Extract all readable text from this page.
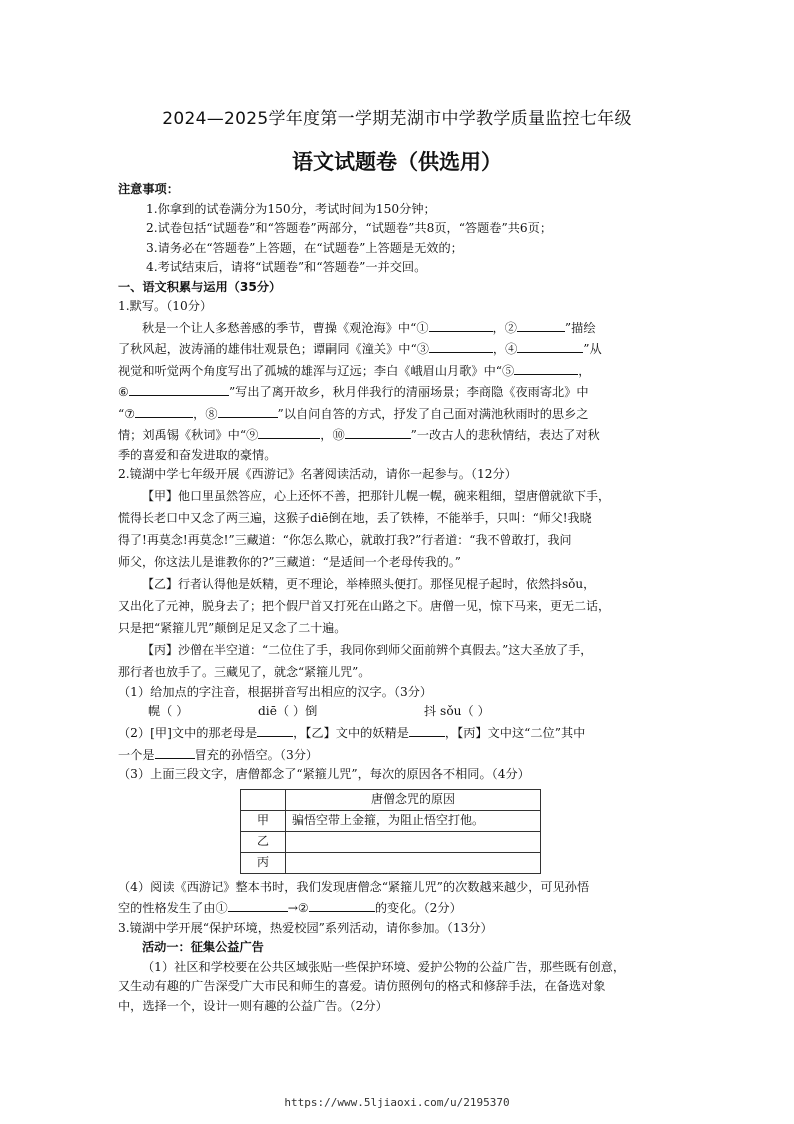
2024—2025学年度第一学期芜湖市中学教学质量监控七年级
语文试题卷（供选用）
注意事项：
1.你拿到的试卷满分为150分，考试时间为150分钟；
2.试卷包括“试题卷”和“答题卷”两部分，“试题卷”共8页，“答题卷”共6页；
3.请务必在“答题卷”上答题，在“试题卷”上答题是无效的；
4.考试结束后，请将“试题卷”和“答题卷”一并交回。
一、语文积累与运用（35分）
1.默写。（10分）
秋是一个让人多愁善感的季节，曹操《观沧海》中“①	，②	”描绘
了秋风起，波涛涌的雄伟壮观景色；谭嗣同《潼关》中“③	，④	”从
视觉和听觉两个角度写出了孤城的雄浑与辽远；李白《峨眉山月歌》中“⑤	，
⑥	”写出了离开故乡，秋月伴我行的清丽场景；李商隐《夜雨寄北》中
“⑦	，⑧	”以自问自答的方式，抒发了自己面对满池秋雨时的思乡之
情；刘禹锡《秋词》中“⑨	，⑩	”一改古人的悲秋情结，表达了对秋
季的喜爱和奋发进取的豪情。
2.镜湖中学七年级开展《西游记》名著阅读活动，请你一起参与。（12分）
【甲】他口里虽然答应，心上还怀不善，把那针儿幌一幌，碗来粗细，望唐僧就欲下手，
慌得长老口中又念了两三遍，这猴子diē倒在地，丢了铁棒，不能举手，只叫：“师父!我晓
得了!再莫念!再莫念!”三藏道：“你怎么欺心，就敢打我?”行者道：“我不曾敢打，我问
师父，你这法儿是谁教你的?”三藏道：“是适间一个老母传我的。”
【乙】行者认得他是妖精，更不理论，举棒照头便打。那怪见棍子起时，依然抖sǒu，
又出化了元神，脱身去了；把个假尸首又打死在山路之下。唐僧一见，惊下马来，更无二话，
只是把“紧箍儿咒”颠倒足足又念了二十遍。
【丙】沙僧在半空道：“二位住了手，我同你到师父面前辨个真假去。”这大圣放了手，
那行者也放手了。三藏见了，就念“紧箍儿咒”。
（1）给加点的字注音，根据拼音写出相应的汉字。（3分）
幌（ ）	diē（ ）倒	抖 sǒu（ ）
（2）[甲]文中的那老母是	，【乙】文中的妖精是	，【丙】文中这“二位”其中
一个是	冒充的孙悟空。（3分）
（3）上面三段文字，唐僧都念了“紧箍儿咒”，每次的原因各不相同。（4分）
	唐僧念咒的原因
甲	骗悟空带上金箍，为阻止悟空打他。
乙	
丙	
（4）阅读《西游记》整本书时，我们发现唐僧念“紧箍儿咒”的次数越来越少，可见孙悟
空的性格发生了由①	→②	的变化。（2分）
3.镜湖中学开展“保护环境，热爱校园”系列活动，请你参加。（13分）
活动一：征集公益广告
（1）社区和学校要在公共区域张贴一些保护环境、爱护公物的公益广告，那些既有创意，
又生动有趣的广告深受广大市民和师生的喜爱。请仿照例句的格式和修辞手法，在备选对象
中，选择一个，设计一则有趣的公益广告。（2分）
https://www.5ljiaoxi.com/u/2195370
